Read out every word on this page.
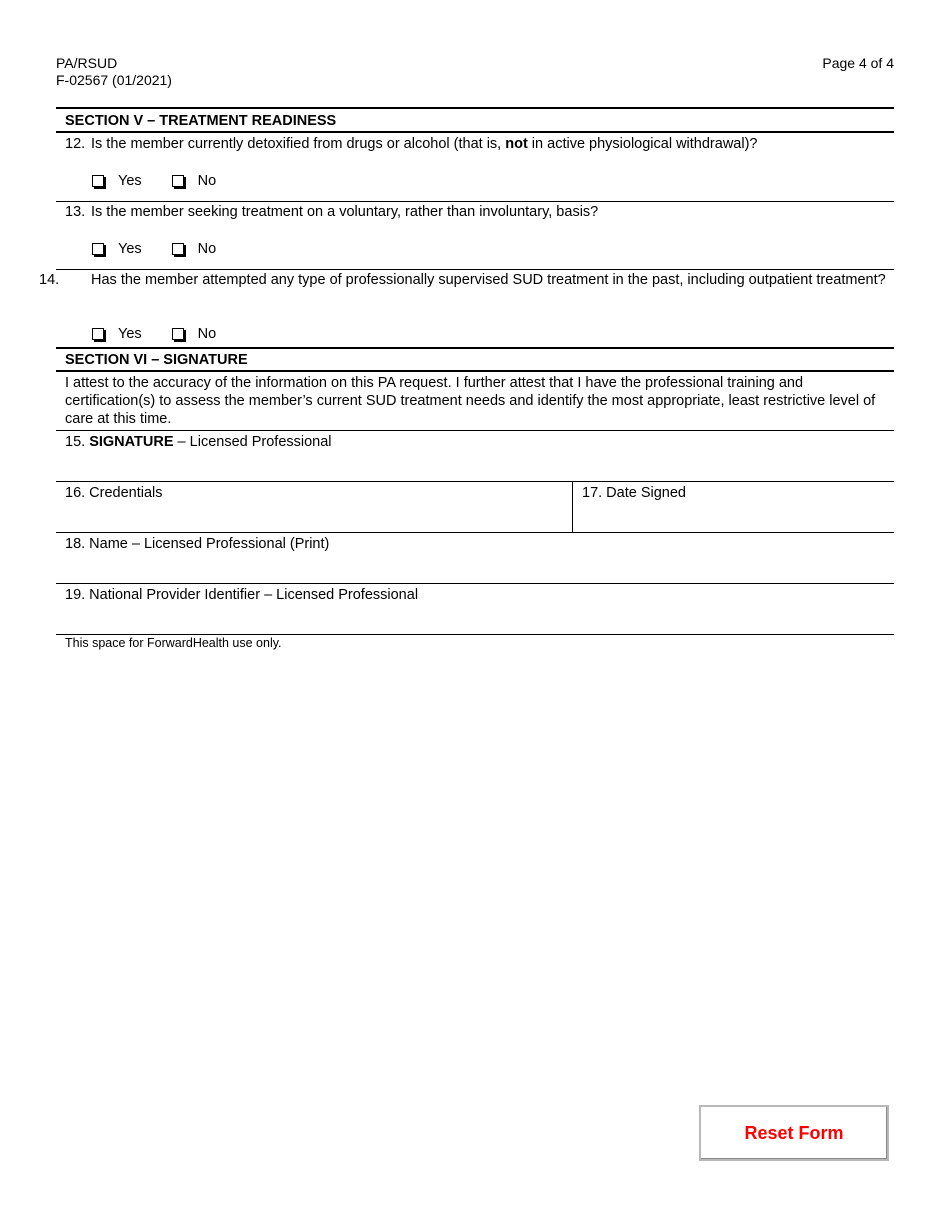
PA/RSUD
F-02567 (01/2021)
Page 4 of 4
SECTION V – TREATMENT READINESS
12. Is the member currently detoxified from drugs or alcohol (that is, not in active physiological withdrawal)?
Yes	No
13. Is the member seeking treatment on a voluntary, rather than involuntary, basis?
Yes	No
14. Has the member attempted any type of professionally supervised SUD treatment in the past, including outpatient treatment?
Yes	No
SECTION VI – SIGNATURE
I attest to the accuracy of the information on this PA request. I further attest that I have the professional training and certification(s) to assess the member’s current SUD treatment needs and identify the most appropriate, least restrictive level of care at this time.
15. SIGNATURE – Licensed Professional
16. Credentials	17. Date Signed
18. Name – Licensed Professional (Print)
19. National Provider Identifier – Licensed Professional
This space for ForwardHealth use only.
Reset Form
